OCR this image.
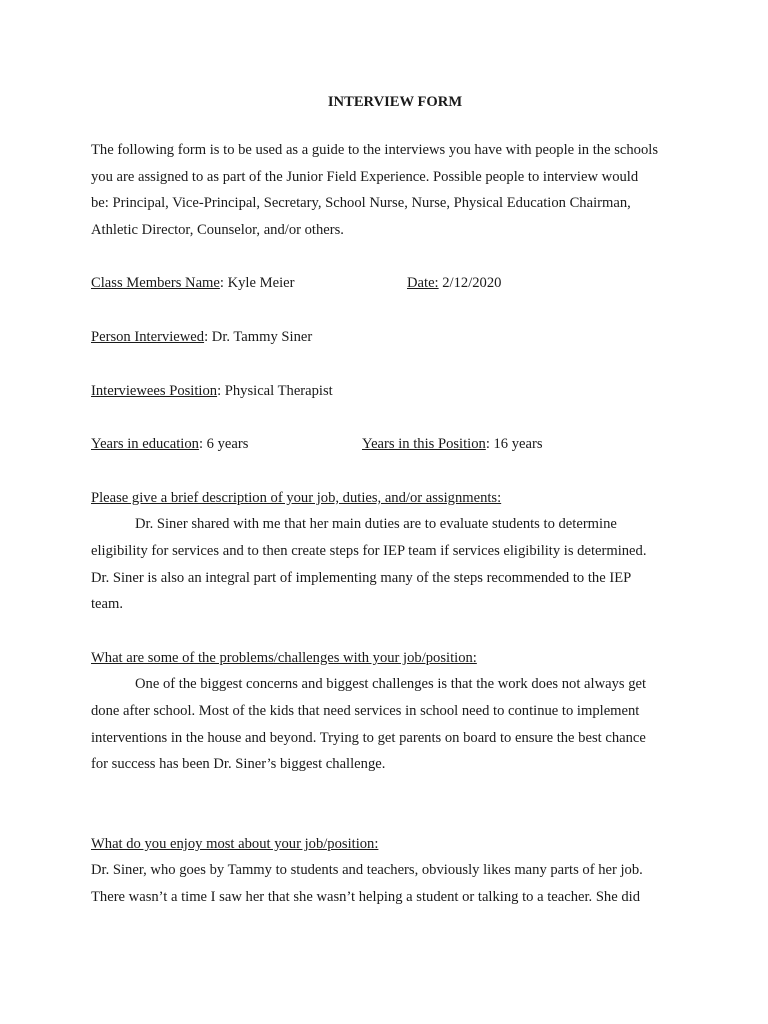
INTERVIEW FORM

The following form is to be used as a guide to the interviews you have with people in the schools

you are assigned to as part of the Junior Field Experience. Possible people to interview would

be: Principal, Vice-Principal, Secretary, School Nurse, Nurse, Physical Education Chairman,

Athletic Director, Counselor, and/or others.

Class Members Name: Kyle Meier	Date: 2/12/2020
Person Interviewed: Dr. Tammy Siner
Interviewees Position: Physical Therapist
Years in education: 6 years	Years in this Position: 16 years

Please give a brief description of your job, duties, and/or assignments:

Dr. Siner shared with me that her main duties are to evaluate students to determine

eligibility for services and to then create steps for IEP team if services eligibility is determined.

Dr. Siner is also an integral part of implementing many of the steps recommended to the IEP

team.

What are some of the problems/challenges with your job/position:

One of the biggest concerns and biggest challenges is that the work does not always get

done after school. Most of the kids that need services in school need to continue to implement

interventions in the house and beyond. Trying to get parents on board to ensure the best chance

for success has been Dr. Siner’s biggest challenge.

What do you enjoy most about your job/position:

Dr. Siner, who goes by Tammy to students and teachers, obviously likes many parts of her job.

There wasn’t a time I saw her that she wasn’t helping a student or talking to a teacher. She did
